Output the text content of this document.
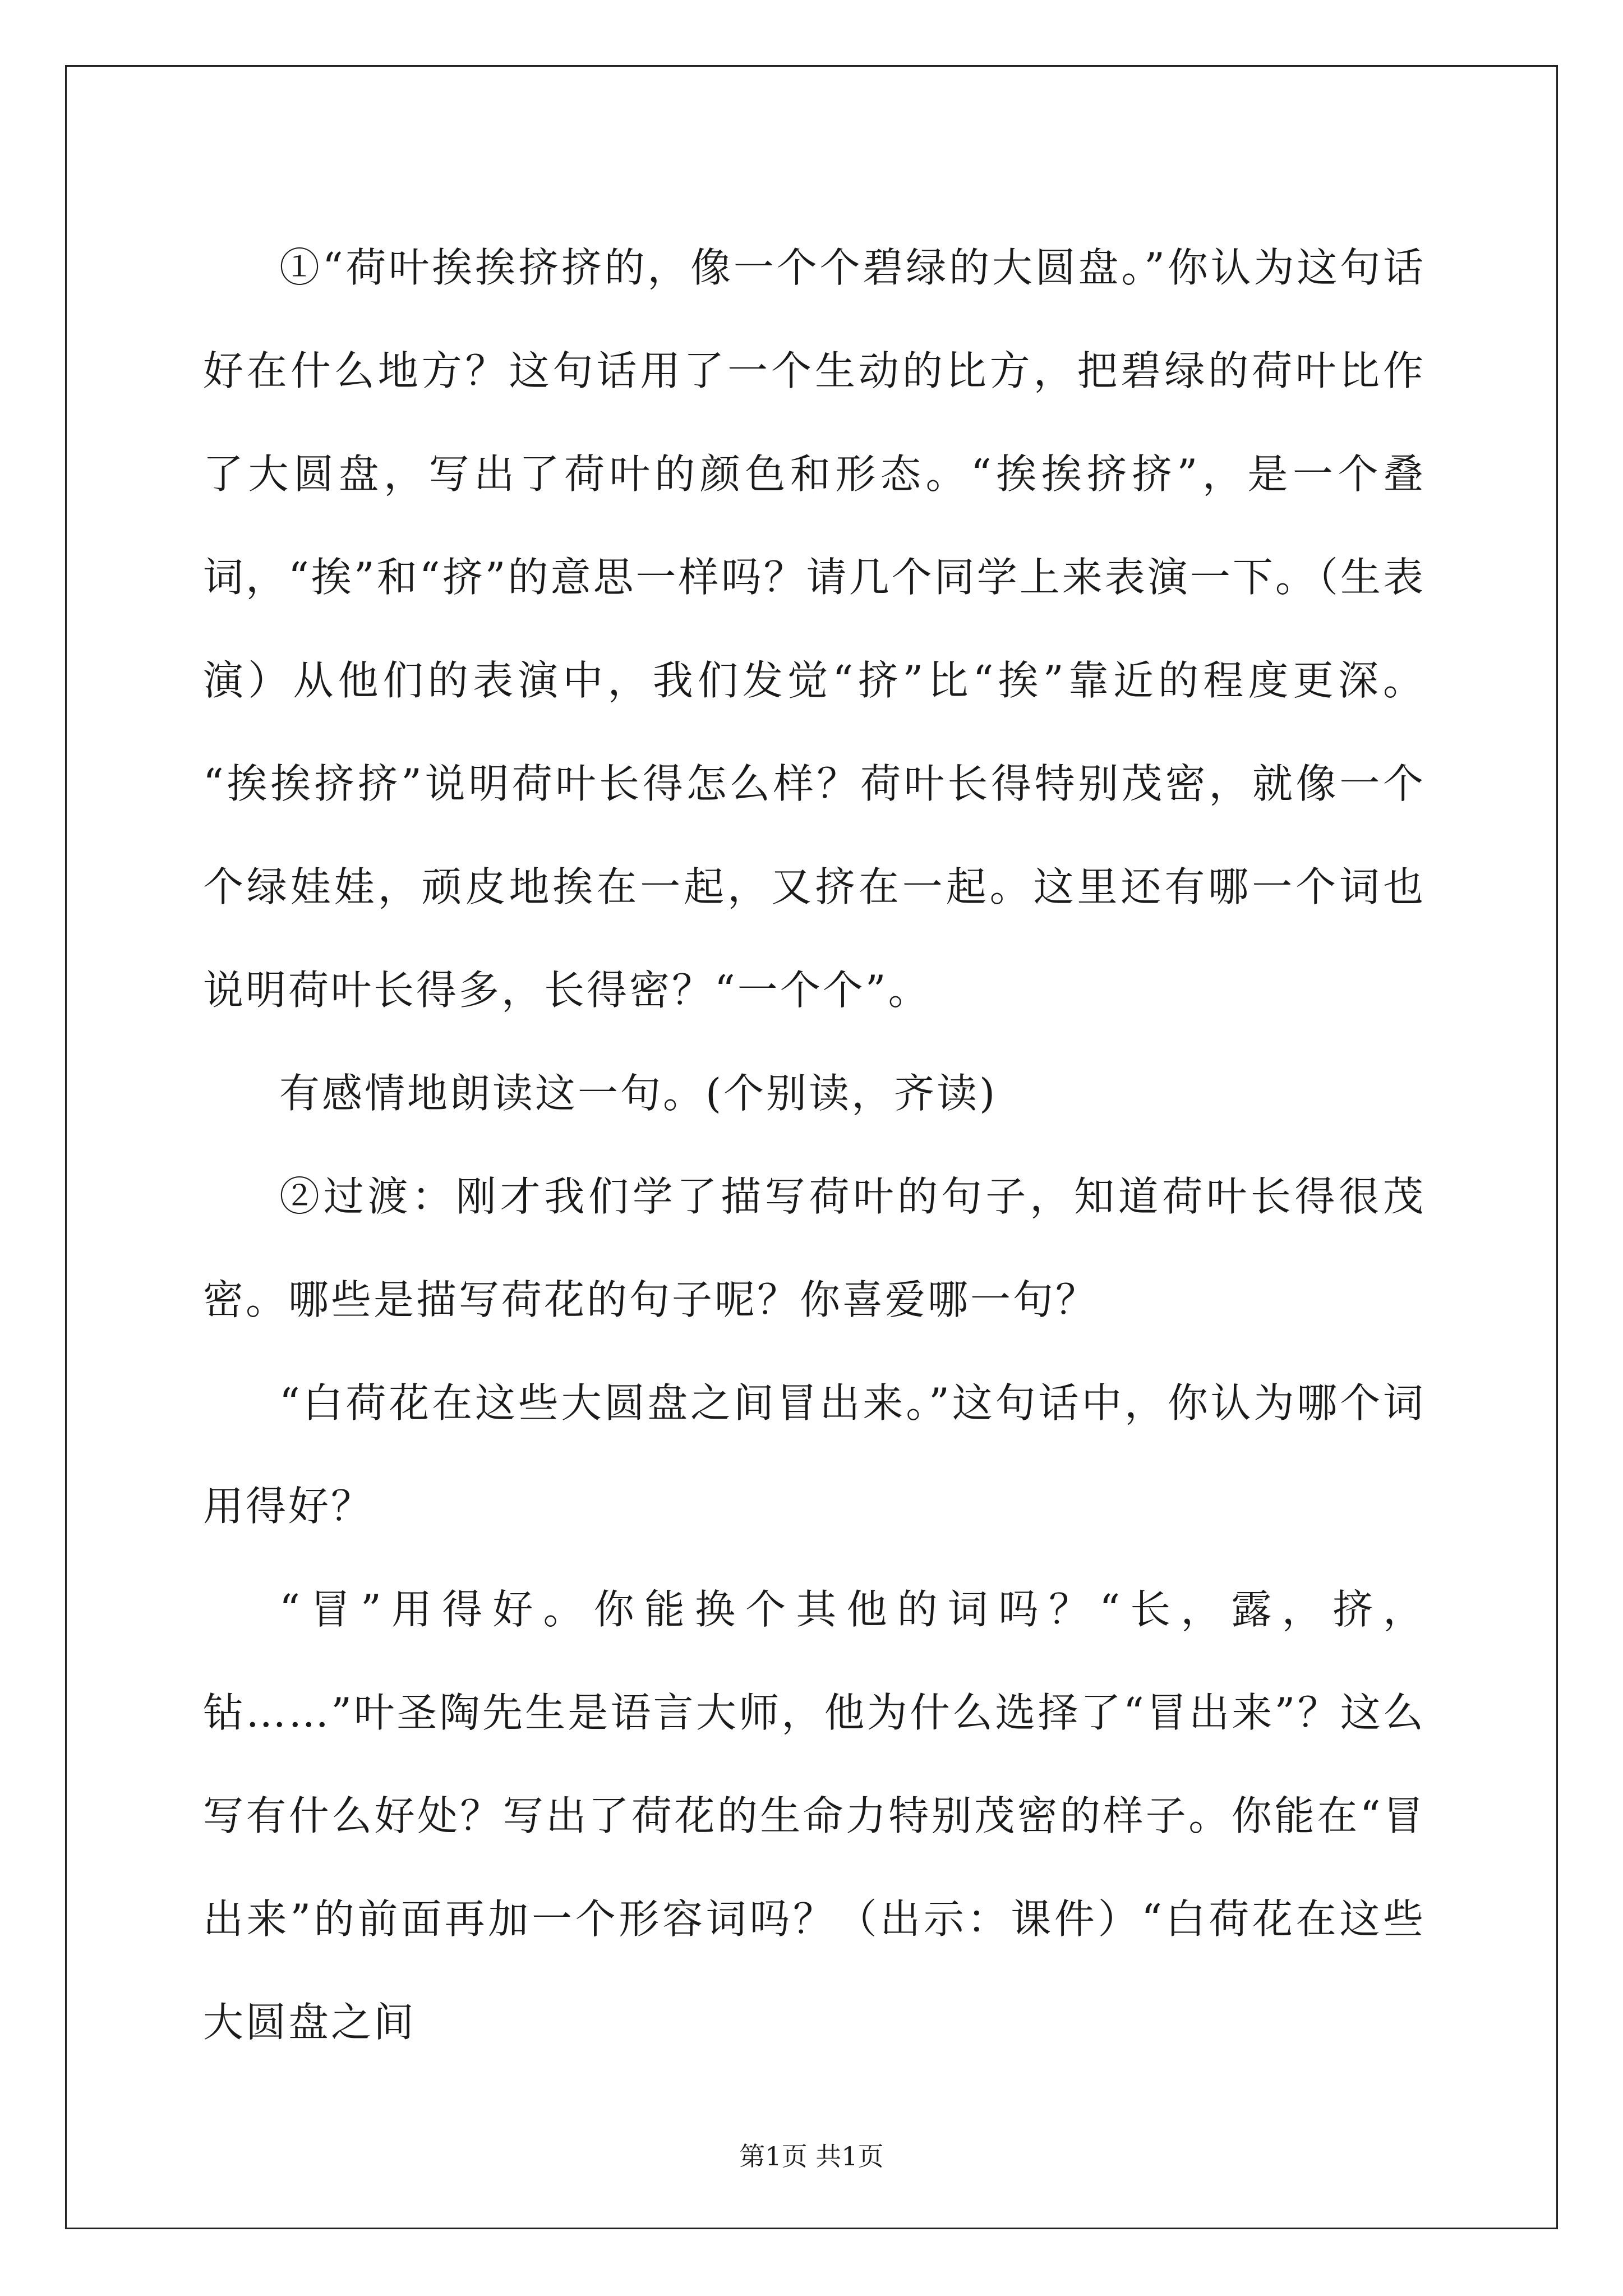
①“荷叶挨挨挤挤的，像一个个碧绿的大圆盘。”你认为这句话好在什么地方？这句话用了一个生动的比方，把碧绿的荷叶比作了大圆盘，写出了荷叶的颜色和形态。“挨挨挤挤”，是一个叠词，“挨”和“挤”的意思一样吗？请几个同学上来表演一下。（生表演）从他们的表演中，我们发觉“挤”比“挨”靠近的程度更深。 “挨挨挤挤”说明荷叶长得怎么样？荷叶长得特别茂密，就像一个个绿娃娃，顽皮地挨在一起，又挤在一起。这里还有哪一个词也说明荷叶长得多，长得密？“一个个”。

有感情地朗读这一句。(个别读，齐读)

②过渡：刚才我们学了描写荷叶的句子，知道荷叶长得很茂密。哪些是描写荷花的句子呢？你喜爱哪一句？

“白荷花在这些大圆盘之间冒出来。”这句话中，你认为哪个词用得好？

“冒”用得好。你能换个其他的词吗？“长，露，挤，钻……”叶圣陶先生是语言大师，他为什么选择了“冒出来”？这么写有什么好处？写出了荷花的生命力特别茂密的样子。你能在“冒出来”的前面再加一个形容词吗？（出示：课件）“白荷花在这些大圆盘之间

第1页 共1页
